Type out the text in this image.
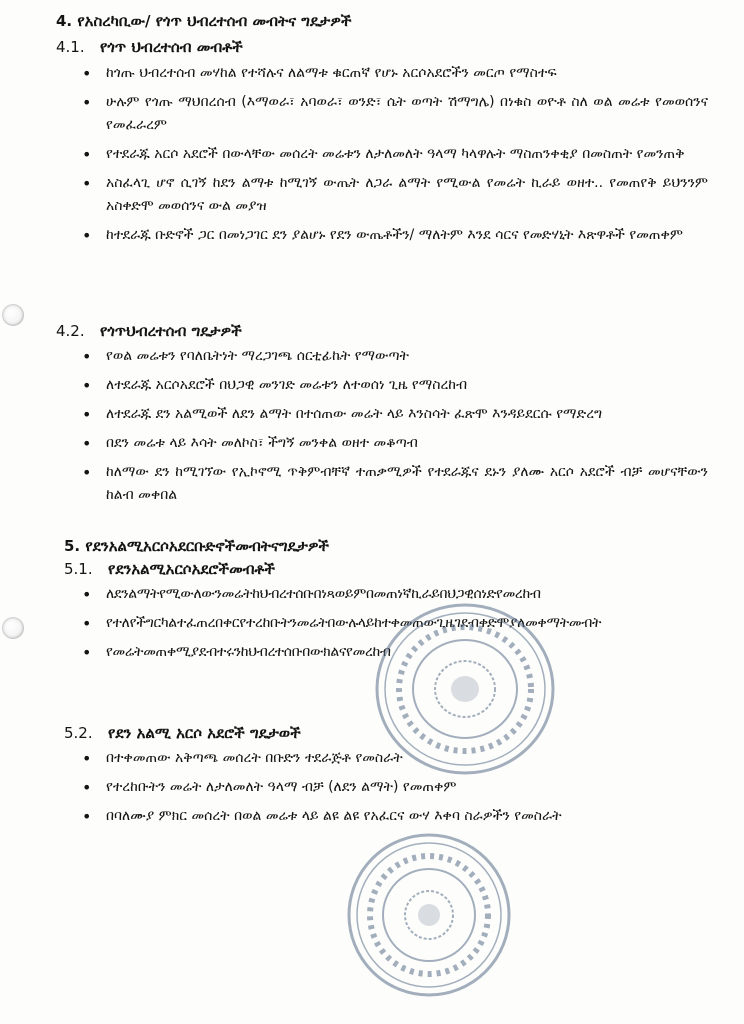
4. የአስረካቢው/ የጎጥ ህብረተሰብ መብትና ግዴታዎች
4.1. የጎጥ ህብረተሰብ መብቶች
• ከጎጡ ህብረተሰብ መሃከል የተሻሉና ለልማቱ ቁርጠኛ የሆኑ አርሶአደሮችን መርጦ የማስተፍ
• ሁሉም የጎጡ ማህበረሰብ (እማወራ፣ አባወራ፣ ወንድ፣ ሴት ወጣት ሽማግሌ) በነቁስ ወዮቶ ስለ ወል መሬቱ የመወሰንና የመፈራረም
• የተደራጁ አርሶ አደሮች በውላቸው መሰረት መሬቱን ለታለመለት ዓላማ ካላዋሉት ማስጠንቀቂያ በመስጠት የመንጠቅ
• አስፈላጊ ሆኖ ሲገኝ ከደን ልማቱ ከሚገኝ ውጤት ለጋራ ልማት የሚውል የመሬት ኪራይ ወዘተ.. የመጠየቅ ይህንንም አስቀድሞ መወሰንና ውል መያዝ
• ከተደራጁ ቡድኖች ጋር በመነጋገር ደን ያልሆኑ የደን ውጤቶችን/ ማለትም እንደ ሳርና የመድሃኒት እጽዋቶች የመጠቀም
4.2. የጎጥህብረተሰብ ግዴታዎች
• የወል መሬቱን የባለቤትነት ማረጋገጫ ሰርቲፊኬት የማውጣት
• ለተደራጁ አርሶአደሮች በህጋዊ መንገድ መሬቱን ለተወሰነ ጊዜ የማስረከብ
• ለተደራጁ ደን አልሚወች ለደን ልማት በተሰጠው መሬት ላይ እንስሳት ፈጽሞ እንዳይደርሱ የማድረግ
• በደን መሬቱ ላይ እሳት መለኮስ፣ ችግኝ መንቀል ወዘተ መቆጣብ
• ከለማው ደን ከሚገኘው የኢኮኖሚ ጥቅምብቸኛ ተጠቃሚዎች የተደራጁና ደኑን ያለሙ አርሶ አደሮች ብቻ መሆናቸውን ከልብ መቀበል
5. የደንአልሚአርሶአደርቡድኖችመብትናግዴታዎች
5.1. የደንአልሚአርሶአደሮችመብቶች
• ለደንልማትየሚውለውንመሬትከህብረተሰቡበነጻወይምበመጠነኛኪራይበህጋዊሰነድየመረከብ
• የተለየችግርካልተፈጠረበቀርየተረከቡትንመሬትበውሉላይከተቀመጠውጊዜገደብቀድሞያለመቀማትመብት
• የመሬትመጠቀሚያደብተሩንከህብረተሰቡበውክልናየመረከብ
5.2. የደን አልሚ አርሶ አደሮች ግዴታወች
• በተቀመጠው አቅጣጫ መሰረት በቡድን ተደራጅቶ የመስራት
• የተረከቡትን መሬት ለታለመለት ዓላማ ብቻ (ለደን ልማት) የመጠቀም
• በባለሙያ ምክር መሰረት በወል መሬቱ ላይ ልዩ ልዩ የአፈርና ውሃ እቀባ ስራዎችን የመስራት
